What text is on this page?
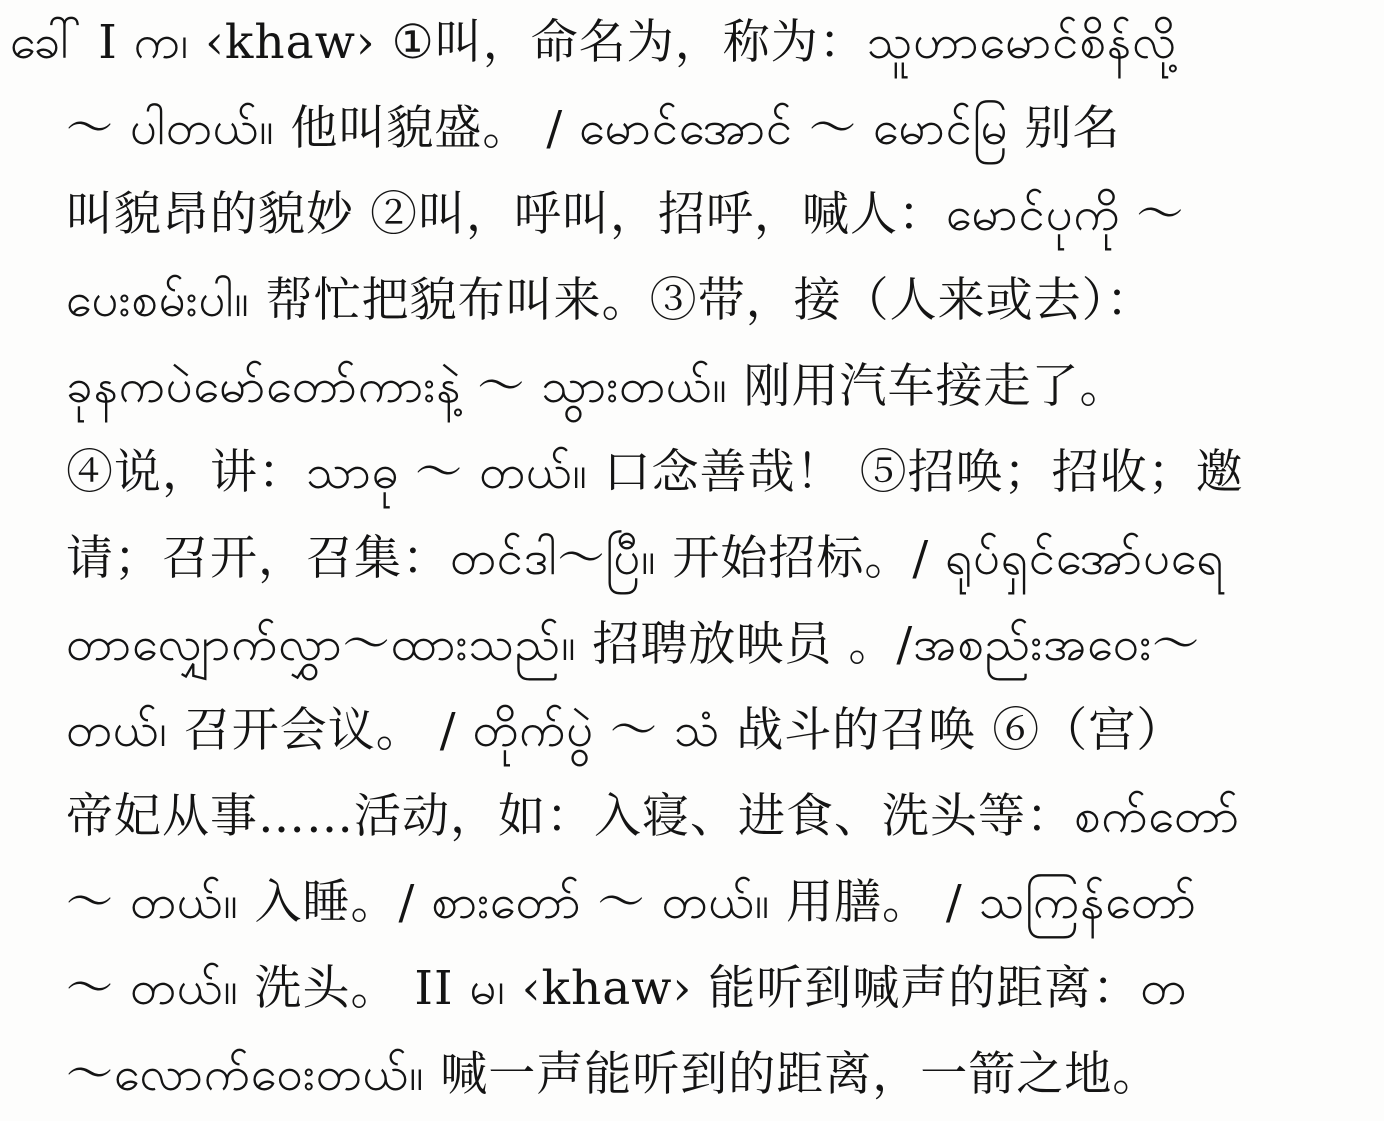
ခေါ် I က၊ ‹khaw› ①叫，命名为，称为：သူဟာမောင်စိန်လို့
～ ပါတယ်။ 他叫貌盛。 / မောင်အောင် ～ မောင်မြ 别名
叫貌昂的貌妙 ②叫，呼叫，招呼，喊人：မောင်ပုကို ～
ပေးစမ်းပါ။ 帮忙把貌布叫来。③带，接（人来或去）：
ခုနကပဲမော်တော်ကားနဲ့ ～ သွားတယ်။ 刚用汽车接走了。
④说，讲：သာဓု ～ တယ်။ 口念善哉！ ⑤招唤；招收；邀
请；召开，召集：တင်ဒါ～ပြီ။ 开始招标。/ ရုပ်ရှင်အော်ပရေ
တာလျှောက်လွှာ～ထားသည်။ 招聘放映员 。/အစည်းအဝေး～
တယ်၊ 召开会议。 / တိုက်ပွဲ ～ သံ 战斗的召唤 ⑥（宫）
帝妃从事……活动，如：入寝、进食、洗头等：စက်တော်
～ တယ်။ 入睡。/ စားတော် ～ တယ်။ 用膳。 / သကြန်တော်
～ တယ်။ 洗头。 II မ၊ ‹khaw› 能听到喊声的距离：တ
～လောက်ဝေးတယ်။ 喊一声能听到的距离，一箭之地。
